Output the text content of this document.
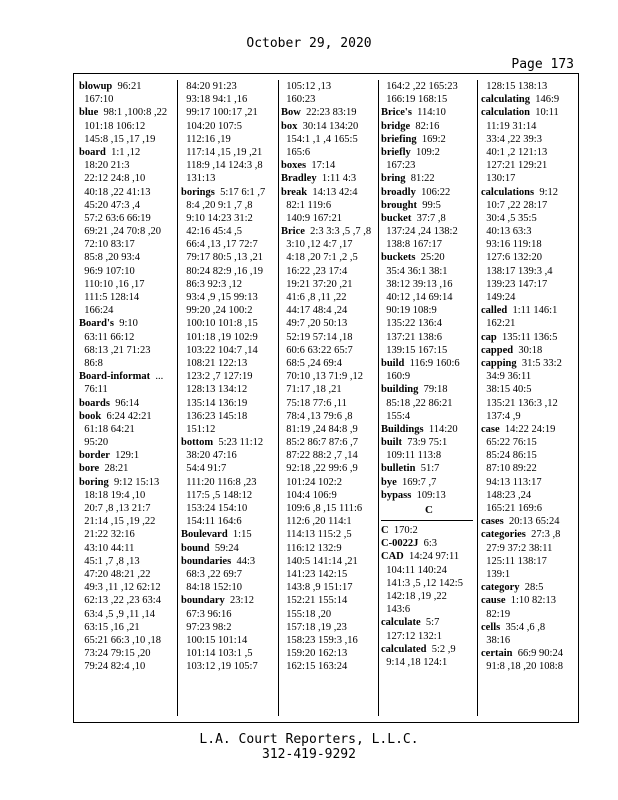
October 29, 2020
Page 173
blowup 96:21
167:10
blue 98:1 ,100:8 ,22
101:18 106:12
145:8 ,15 ,17 ,19
board 1:1 ,12
18:20 21:3
22:12 24:8 ,10
40:18 ,22 41:13
45:20 47:3 ,4
57:2 63:6 66:19
69:21 ,24 70:8 ,20
72:10 83:17
85:8 ,20 93:4
96:9 107:10
110:10 ,16 ,17
111:5 128:14
166:24
Board's 9:10
63:11 66:12
68:13 ,21 71:23
86:8
Board-informat ...
76:11
boards 96:14
book 6:24 42:21
61:18 64:21
95:20
border 129:1
bore 28:21
boring 9:12 15:13
18:18 19:4 ,10
20:7 ,8 ,13 21:7
21:14 ,15 ,19 ,22
21:22 32:16
43:10 44:11
45:1 ,7 ,8 ,13
47:20 48:21 ,22
49:3 ,11 ,12 62:12
62:13 ,22 ,23 63:4
63:4 ,5 ,9 ,11 ,14
63:15 ,16 ,21
65:21 66:3 ,10 ,18
73:24 79:15 ,20
79:24 82:4 ,10
84:20 91:23
93:18 94:1 ,16
99:17 100:17 ,21
104:20 107:5
112:16 ,19
117:14 ,15 ,19 ,21
118:9 ,14 124:3 ,8
131:13
borings 5:17 6:1 ,7
8:4 ,20 9:1 ,7 ,8
9:10 14:23 31:2
42:16 45:4 ,5
66:4 ,13 ,17 72:7
79:17 80:5 ,13 ,21
80:24 82:9 ,16 ,19
86:3 92:3 ,12
93:4 ,9 ,15 99:13
99:20 ,24 100:2
100:10 101:8 ,15
101:18 ,19 102:9
103:22 104:7 ,14
108:21 122:13
123:2 ,7 127:19
128:13 134:12
135:14 136:19
136:23 145:18
151:12
bottom 5:23 11:12
38:20 47:16
54:4 91:7
111:20 116:8 ,23
117:5 ,5 148:12
153:24 154:10
154:11 164:6
Boulevard 1:15
bound 59:24
boundaries 44:3
68:3 ,22 69:7
84:18 152:10
boundary 23:12
67:3 96:16
97:23 98:2
100:15 101:14
101:14 103:1 ,5
103:12 ,19 105:7
105:12 ,13
160:23
Bow 22:23 83:19
box 30:14 134:20
154:1 ,1 ,4 165:5
165:6
boxes 17:14
Bradley 1:11 4:3
break 14:13 42:4
82:1 119:6
140:9 167:21
Brice 2:3 3:3 ,5 ,7 ,8
3:10 ,12 4:7 ,17
4:18 ,20 7:1 ,2 ,5
16:22 ,23 17:4
19:21 37:20 ,21
41:6 ,8 ,11 ,22
44:17 48:4 ,24
49:7 ,20 50:13
52:19 57:14 ,18
60:6 63:22 65:7
68:5 ,24 69:4
70:10 ,13 71:9 ,12
71:17 ,18 ,21
75:18 77:6 ,11
78:4 ,13 79:6 ,8
81:19 ,24 84:8 ,9
85:2 86:7 87:6 ,7
87:22 88:2 ,7 ,14
92:18 ,22 99:6 ,9
101:24 102:2
104:4 106:9
109:6 ,8 ,15 111:6
112:6 ,20 114:1
114:13 115:2 ,5
116:12 132:9
140:5 141:14 ,21
141:23 142:15
143:8 ,9 151:17
152:21 155:14
155:18 ,20
157:18 ,19 ,23
158:23 159:3 ,16
159:20 162:13
162:15 163:24
164:2 ,22 165:23
166:19 168:15
Brice's 114:10
bridge 82:16
briefing 169:2
briefly 109:2
167:23
bring 81:22
broadly 106:22
brought 99:5
bucket 37:7 ,8
137:24 ,24 138:2
138:8 167:17
buckets 25:20
35:4 36:1 38:1
38:12 39:13 ,16
40:12 ,14 69:14
90:19 108:9
135:22 136:4
137:21 138:6
139:15 167:15
build 116:9 160:6
160:9
building 79:18
85:18 ,22 86:21
155:4
Buildings 114:20
built 73:9 75:1
109:11 113:8
bulletin 51:7
bye 169:7 ,7
bypass 109:13
C
C 170:2
C-0022J 6:3
CAD 14:24 97:11
104:11 140:24
141:3 ,5 ,12 142:5
142:18 ,19 ,22
143:6
calculate 5:7
127:12 132:1
calculated 5:2 ,9
9:14 ,18 124:1
128:15 138:13
calculating 146:9
calculation 10:11
11:19 31:14
33:4 ,22 39:3
40:1 ,2 121:13
127:21 129:21
130:17
calculations 9:12
10:7 ,22 28:17
30:4 ,5 35:5
40:13 63:3
93:16 119:18
127:6 132:20
138:17 139:3 ,4
139:23 147:17
149:24
called 1:11 146:1
162:21
cap 135:11 136:5
capped 30:18
capping 31:5 33:2
34:9 36:11
38:15 40:5
135:21 136:3 ,12
137:4 ,9
case 14:22 24:19
65:22 76:15
85:24 86:15
87:10 89:22
94:13 113:17
148:23 ,24
165:21 169:6
cases 20:13 65:24
categories 27:3 ,8
27:9 37:2 38:11
125:11 138:17
139:1
category 28:5
cause 1:10 82:13
82:19
cells 35:4 ,6 ,8
38:16
certain 66:9 90:24
91:8 ,18 ,20 108:8
L.A. Court Reporters, L.L.C.
312-419-9292
